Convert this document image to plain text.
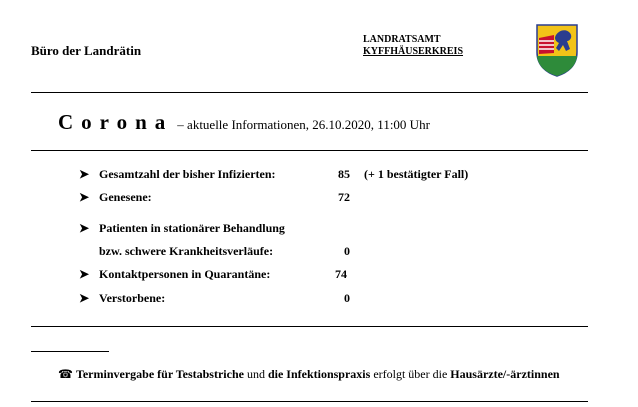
Büro der Landrätin
LANDRATSAMT
KYFFHÄUSERKREIS
Corona – aktuelle Informationen, 26.10.2020, 11:00 Uhr
➤ Gesamtzahl der bisher Infizierten:	85 (+ 1 bestätigter Fall)
➤ Genesene:	72
➤ Patienten in stationärer Behandlung
bzw. schwere Krankheitsverläufe:	0
➤ Kontaktpersonen in Quarantäne:	74
➤ Verstorbene:	0
☎ Terminvergabe für Testabstriche und die Infektionspraxis erfolgt über die Hausärzte/-ärztinnen
